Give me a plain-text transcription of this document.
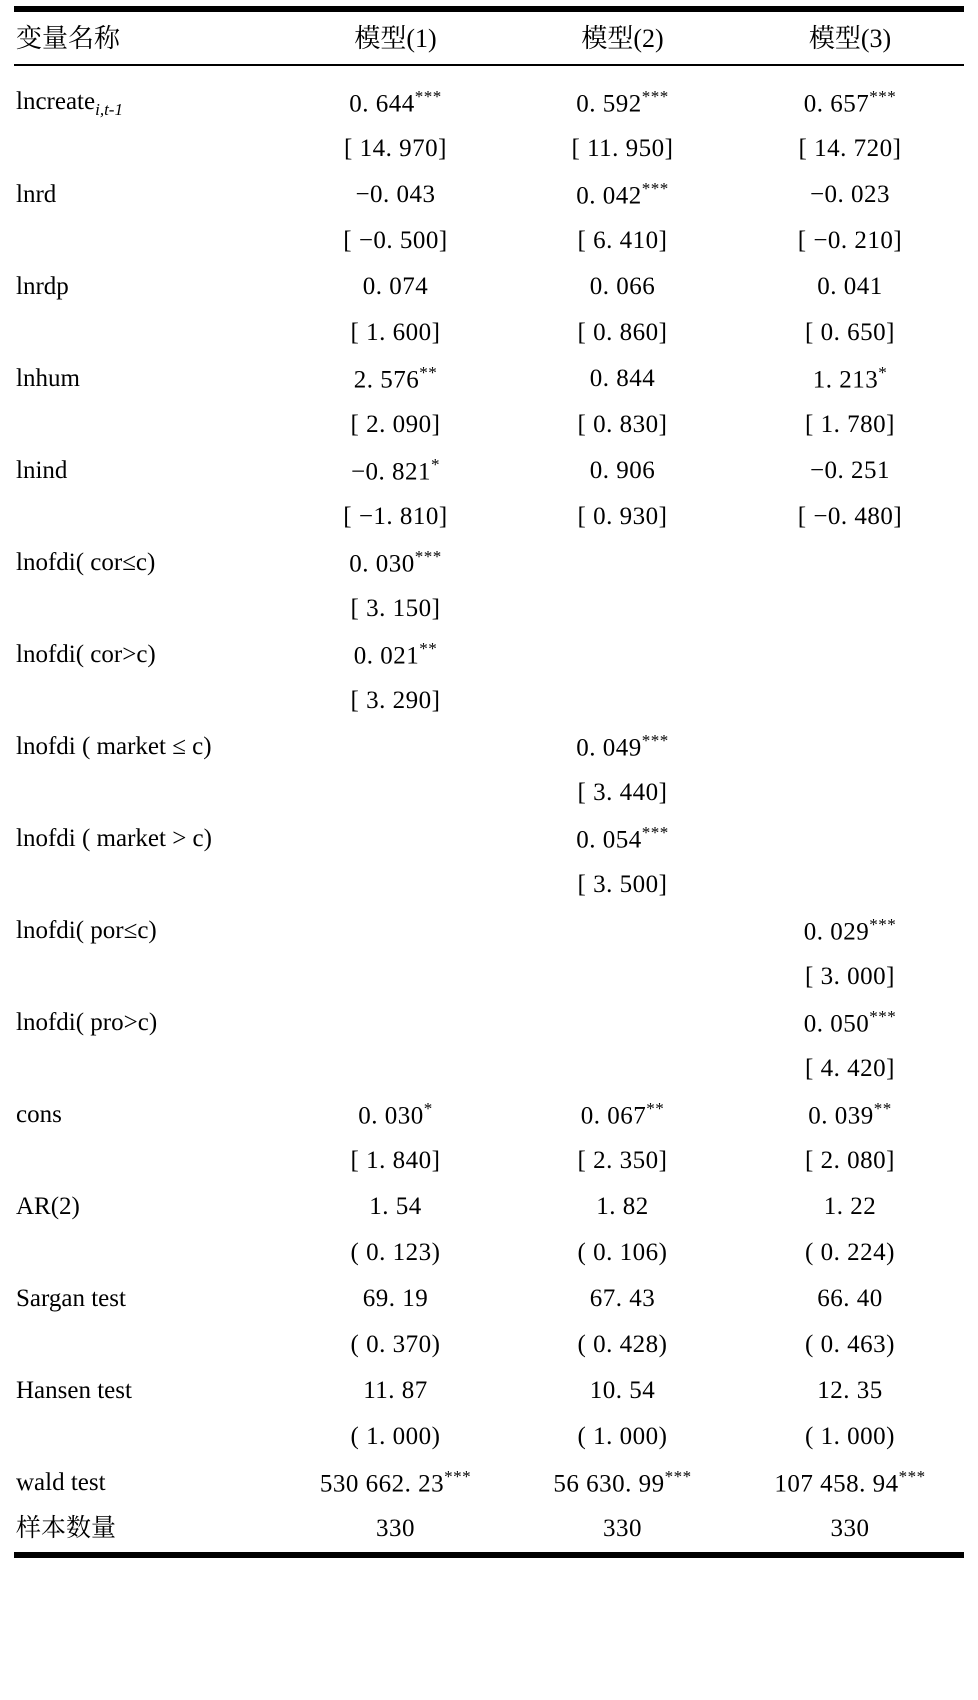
变量名称	模型(1)	模型(2)	模型(3)

lncreate$_{i,t-1}$	0. 644***	0. 592***	0. 657***
	[ 14. 970]	[ 11. 950]	[ 14. 720]
lnrd	−0. 043	0. 042***	−0. 023
	[ −0. 500]	[ 6. 410]	[ −0. 210]
lnrdp	0. 074	0. 066	0. 041
	[ 1. 600]	[ 0. 860]	[ 0. 650]
lnhum	2. 576**	0. 844	1. 213*
	[ 2. 090]	[ 0. 830]	[ 1. 780]
lnind	−0. 821*	0. 906	−0. 251
	[ −1. 810]	[ 0. 930]	[ −0. 480]
lnofdi( cor≤c)	0. 030***		
	[ 3. 150]		
lnofdi( cor>c)	0. 021**		
	[ 3. 290]		
lnofdi ( market ≤ c)		0. 049***	
		[ 3. 440]	
lnofdi ( market > c)		0. 054***	
		[ 3. 500]	
lnofdi( por≤c)			0. 029***
			[ 3. 000]
lnofdi( pro>c)			0. 050***
			[ 4. 420]
cons	0. 030*	0. 067**	0. 039**
	[ 1. 840]	[ 2. 350]	[ 2. 080]
AR(2)	1. 54	1. 82	1. 22
	( 0. 123)	( 0. 106)	( 0. 224)
Sargan test	69. 19	67. 43	66. 40
	( 0. 370)	( 0. 428)	( 0. 463)
Hansen test	11. 87	10. 54	12. 35
	( 1. 000)	( 1. 000)	( 1. 000)
wald test	530 662. 23***	56 630. 99***	107 458. 94***
样本数量	330	330	330
